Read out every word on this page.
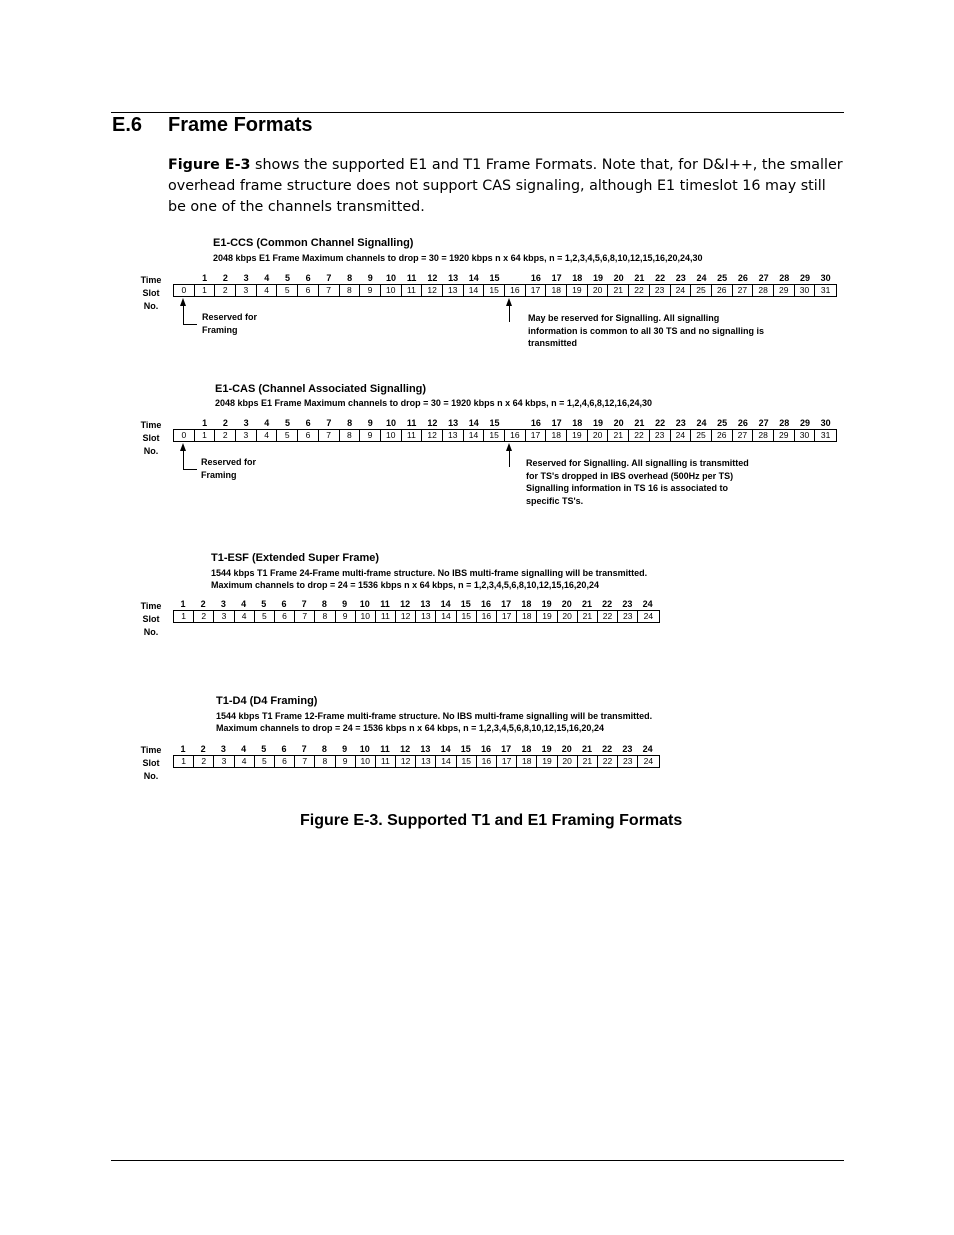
E.6 Frame Formats
Figure E-3 shows the supported E1 and T1 Frame Formats. Note that, for D&I++, the smaller overhead frame structure does not support CAS signaling, although E1 timeslot 16 may still be one of the channels transmitted.
E1-CCS (Common Channel Signalling)
2048 kbps E1 Frame Maximum channels to drop = 30 = 1920 kbps n x 64 kbps, n = 1,2,3,4,5,6,8,10,12,15,16,20,24,30
Time
Slot
No.
1	2	3	4	5	6	7	8	9	10	11	12	13	14	15	16	17	18	19	20	21	22	23	24	25	26	27	28	29	30
0	1	2	3	4	5	6	7	8	9	10	11	12	13	14	15	16	17	18	19	20	21	22	23	24	25	26	27	28	29	30	31
Reserved for
Framing
May be reserved for Signalling. All signalling
information is common to all 30 TS and no signalling is
transmitted
E1-CAS (Channel Associated Signalling)
2048 kbps E1 Frame Maximum channels to drop = 30 = 1920 kbps n x 64 kbps, n = 1,2,4,6,8,12,16,24,30
Time
Slot
No.
1	2	3	4	5	6	7	8	9	10	11	12	13	14	15	16	17	18	19	20	21	22	23	24	25	26	27	28	29	30
0	1	2	3	4	5	6	7	8	9	10	11	12	13	14	15	16	17	18	19	20	21	22	23	24	25	26	27	28	29	30	31
Reserved for
Framing
Reserved for Signalling. All signalling is transmitted
for TS's dropped in IBS overhead (500Hz per TS)
Signalling information in TS 16 is associated to
specific TS's.
T1-ESF (Extended Super Frame)
1544 kbps T1 Frame 24-Frame multi-frame structure. No IBS multi-frame signalling will be transmitted.
Maximum channels to drop = 24 = 1536 kbps n x 64 kbps, n = 1,2,3,4,5,6,8,10,12,15,16,20,24
Time
Slot
No.
1	2	3	4	5	6	7	8	9	10	11	12	13	14	15	16	17	18	19	20	21	22	23	24
1	2	3	4	5	6	7	8	9	10	11	12	13	14	15	16	17	18	19	20	21	22	23	24
T1-D4 (D4 Framing)
1544 kbps T1 Frame 12-Frame multi-frame structure. No IBS multi-frame signalling will be transmitted.
Maximum channels to drop = 24 = 1536 kbps n x 64 kbps, n = 1,2,3,4,5,6,8,10,12,15,16,20,24
Time
Slot
No.
1	2	3	4	5	6	7	8	9	10	11	12	13	14	15	16	17	18	19	20	21	22	23	24
1	2	3	4	5	6	7	8	9	10	11	12	13	14	15	16	17	18	19	20	21	22	23	24
Figure E-3. Supported T1 and E1 Framing Formats
